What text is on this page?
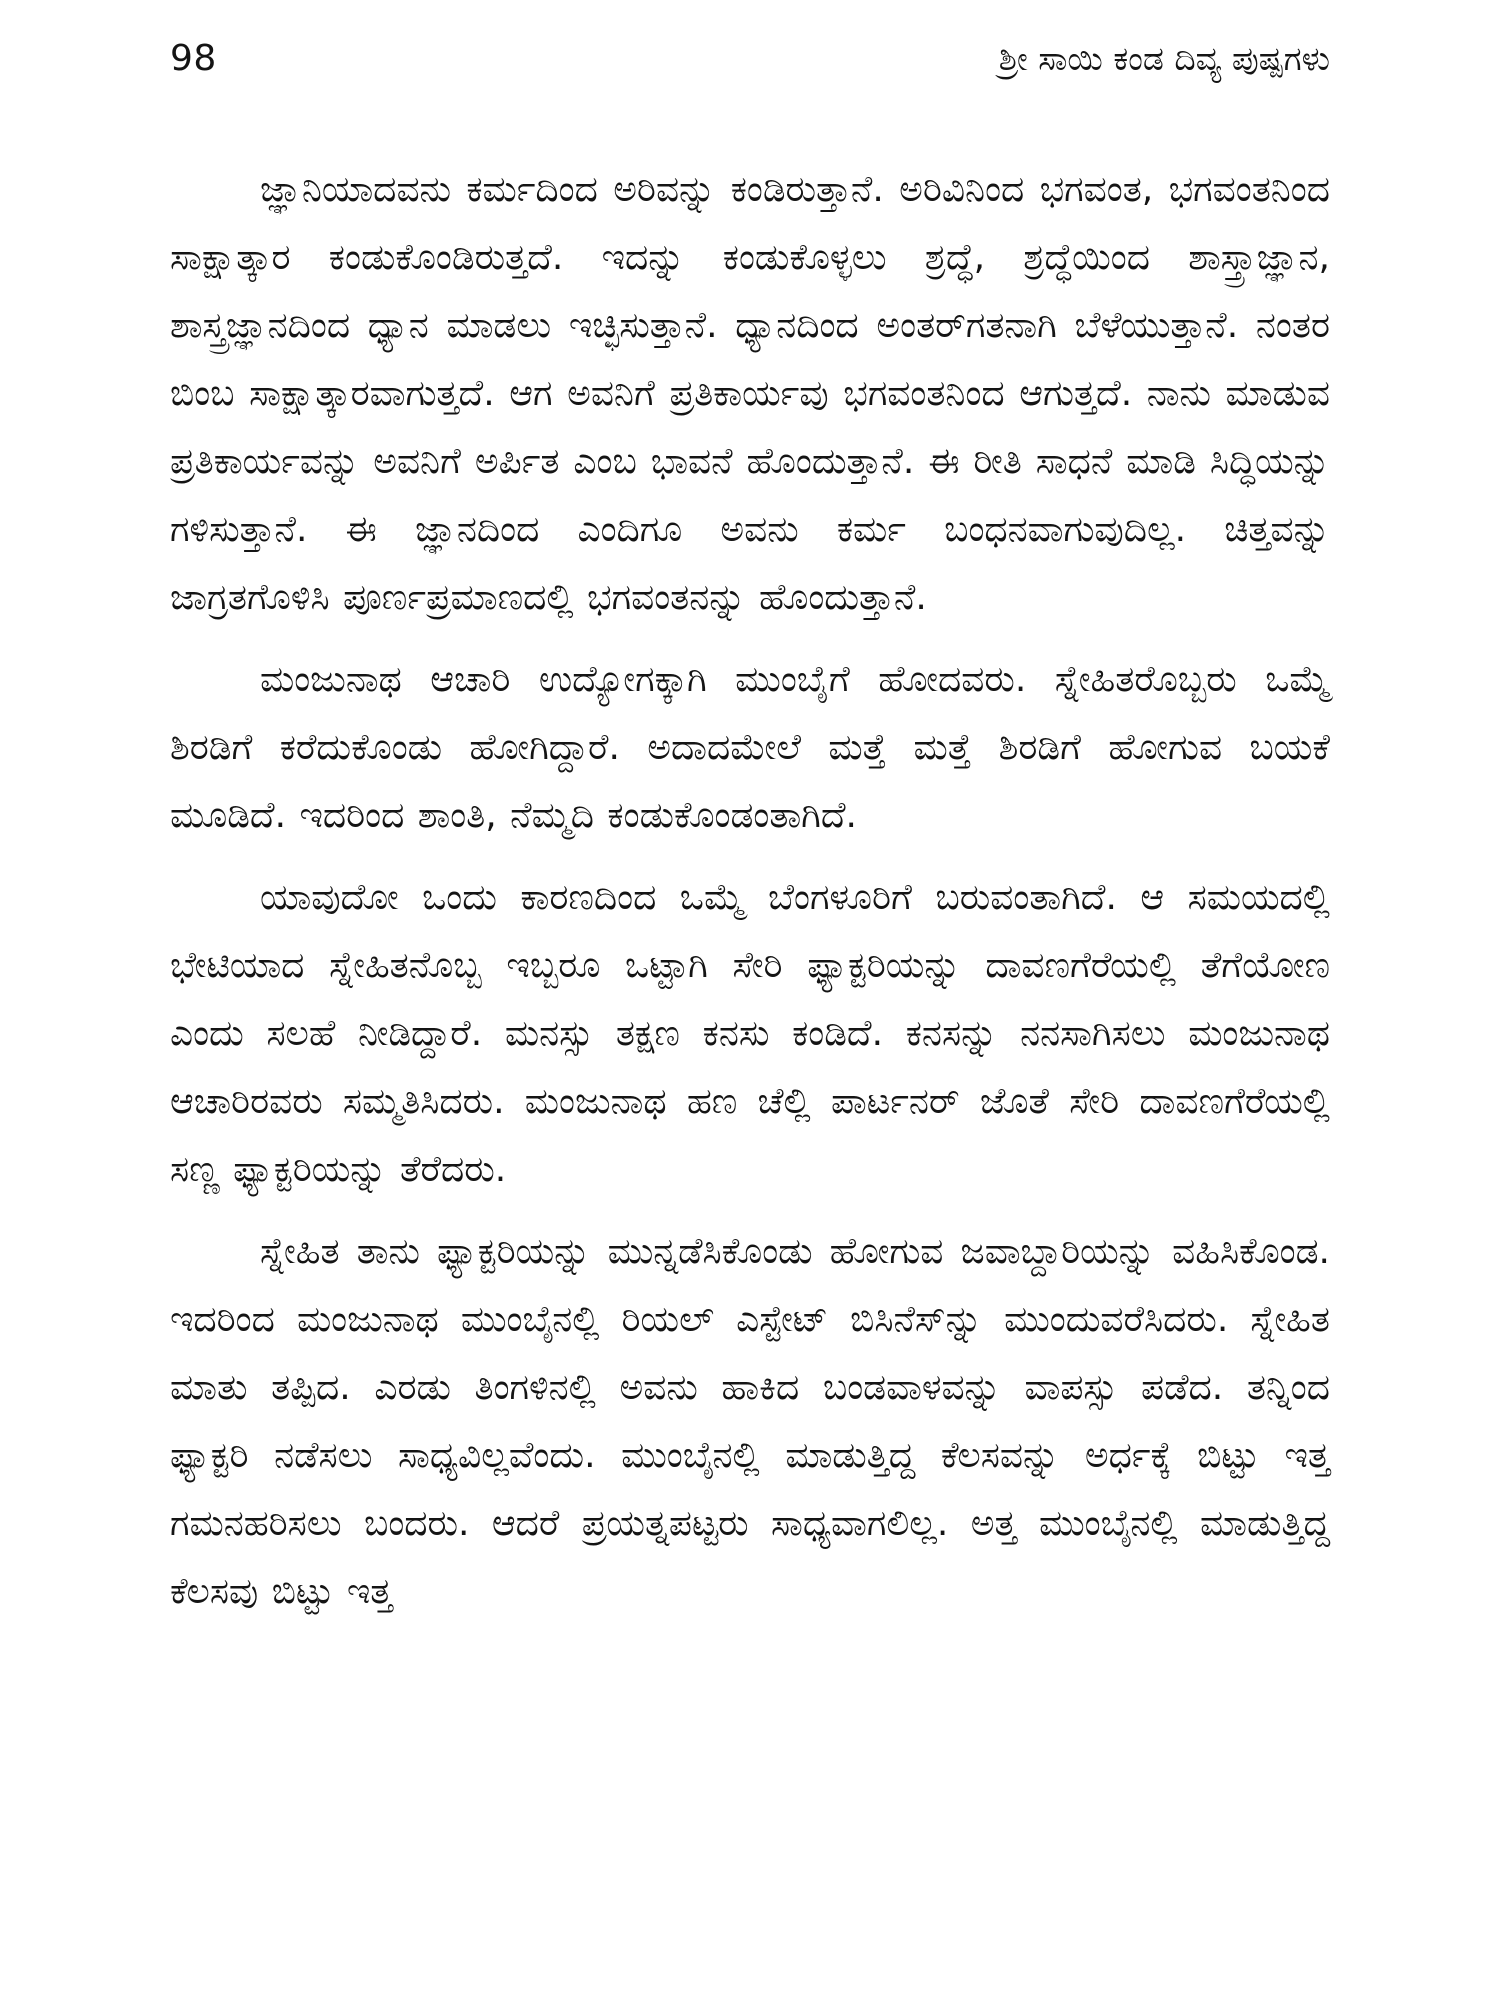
98	ಶ್ರೀ ಸಾಯಿ ಕಂಡ ದಿವ್ಯ ಪುಷ್ಪಗಳು

ಜ್ಞಾನಿಯಾದವನು ಕರ್ಮದಿಂದ ಅರಿವನ್ನು ಕಂಡಿರುತ್ತಾನೆ. ಅರಿವಿನಿಂದ ಭಗವಂತ, ಭಗವಂತನಿಂದ ಸಾಕ್ಷಾತ್ಕಾರ ಕಂಡುಕೊಂಡಿರುತ್ತದೆ. ಇದನ್ನು ಕಂಡುಕೊಳ್ಳಲು ಶ್ರದ್ಧೆ, ಶ್ರದ್ಧೆಯಿಂದ ಶಾಸ್ತ್ರಾಜ್ಞಾನ, ಶಾಸ್ತ್ರಜ್ಞಾನದಿಂದ ಧ್ಯಾನ ಮಾಡಲು ಇಚ್ಛಿಸುತ್ತಾನೆ. ಧ್ಯಾನದಿಂದ ಅಂತರ್‌ಗತನಾಗಿ ಬೆಳೆಯುತ್ತಾನೆ. ನಂತರ ಬಿಂಬ ಸಾಕ್ಷಾತ್ಕಾರವಾಗುತ್ತದೆ. ಆಗ ಅವನಿಗೆ ಪ್ರತಿಕಾರ್ಯವು ಭಗವಂತನಿಂದ ಆಗುತ್ತದೆ. ನಾನು ಮಾಡುವ ಪ್ರತಿಕಾರ್ಯವನ್ನು ಅವನಿಗೆ ಅರ್ಪಿತ ಎಂಬ ಭಾವನೆ ಹೊಂದುತ್ತಾನೆ. ಈ ರೀತಿ ಸಾಧನೆ ಮಾಡಿ ಸಿದ್ಧಿಯನ್ನು ಗಳಿಸುತ್ತಾನೆ. ಈ ಜ್ಞಾನದಿಂದ ಎಂದಿಗೂ ಅವನು ಕರ್ಮ ಬಂಧನವಾಗುವುದಿಲ್ಲ. ಚಿತ್ತವನ್ನು ಜಾಗ್ರತಗೊಳಿಸಿ ಪೂರ್ಣಪ್ರಮಾಣದಲ್ಲಿ ಭಗವಂತನನ್ನು ಹೊಂದುತ್ತಾನೆ.

ಮಂಜುನಾಥ ಆಚಾರಿ ಉದ್ಯೋಗಕ್ಕಾಗಿ ಮುಂಬೈಗೆ ಹೋದವರು. ಸ್ನೇಹಿತರೊಬ್ಬರು ಒಮ್ಮೆ ಶಿರಡಿಗೆ ಕರೆದುಕೊಂಡು ಹೋಗಿದ್ದಾರೆ. ಅದಾದಮೇಲೆ ಮತ್ತೆ ಮತ್ತೆ ಶಿರಡಿಗೆ ಹೋಗುವ ಬಯಕೆ ಮೂಡಿದೆ. ಇದರಿಂದ ಶಾಂತಿ, ನೆಮ್ಮದಿ ಕಂಡುಕೊಂಡಂತಾಗಿದೆ.

ಯಾವುದೋ ಒಂದು ಕಾರಣದಿಂದ ಒಮ್ಮೆ ಬೆಂಗಳೂರಿಗೆ ಬರುವಂತಾಗಿದೆ. ಆ ಸಮಯದಲ್ಲಿ ಭೇಟಿಯಾದ ಸ್ನೇಹಿತನೊಬ್ಬ ಇಬ್ಬರೂ ಒಟ್ಟಾಗಿ ಸೇರಿ ಫ್ಯಾಕ್ಟರಿಯನ್ನು ದಾವಣಗೆರೆಯಲ್ಲಿ ತೆಗೆಯೋಣ ಎಂದು ಸಲಹೆ ನೀಡಿದ್ದಾರೆ. ಮನಸ್ಸು ತಕ್ಷಣ ಕನಸು ಕಂಡಿದೆ. ಕನಸನ್ನು ನನಸಾಗಿಸಲು ಮಂಜುನಾಥ ಆಚಾರಿರವರು ಸಮ್ಮತಿಸಿದರು. ಮಂಜುನಾಥ ಹಣ ಚೆಲ್ಲಿ ಪಾರ್ಟನರ್ ಜೊತೆ ಸೇರಿ ದಾವಣಗೆರೆಯಲ್ಲಿ ಸಣ್ಣ ಫ್ಯಾಕ್ಟರಿಯನ್ನು ತೆರೆದರು.

ಸ್ನೇಹಿತ ತಾನು ಫ್ಯಾಕ್ಟರಿಯನ್ನು ಮುನ್ನಡೆಸಿಕೊಂಡು ಹೋಗುವ ಜವಾಬ್ದಾರಿಯನ್ನು ವಹಿಸಿಕೊಂಡ. ಇದರಿಂದ ಮಂಜುನಾಥ ಮುಂಬೈನಲ್ಲಿ ರಿಯಲ್ ಎಸ್ಟೇಟ್ ಬಿಸಿನೆಸ್‌ನ್ನು ಮುಂದುವರೆಸಿದರು. ಸ್ನೇಹಿತ ಮಾತು ತಪ್ಪಿದ. ಎರಡು ತಿಂಗಳಿನಲ್ಲಿ ಅವನು ಹಾಕಿದ ಬಂಡವಾಳವನ್ನು ವಾಪಸ್ಸು ಪಡೆದ. ತನ್ನಿಂದ ಫ್ಯಾಕ್ಟರಿ ನಡೆಸಲು ಸಾಧ್ಯವಿಲ್ಲವೆಂದು. ಮುಂಬೈನಲ್ಲಿ ಮಾಡುತ್ತಿದ್ದ ಕೆಲಸವನ್ನು ಅರ್ಧಕ್ಕೆ ಬಿಟ್ಟು ಇತ್ತ ಗಮನಹರಿಸಲು ಬಂದರು. ಆದರೆ ಪ್ರಯತ್ನಪಟ್ಟರು ಸಾಧ್ಯವಾಗಲಿಲ್ಲ. ಅತ್ತ ಮುಂಬೈನಲ್ಲಿ ಮಾಡುತ್ತಿದ್ದ ಕೆಲಸವು ಬಿಟ್ಟು ಇತ್ತ
